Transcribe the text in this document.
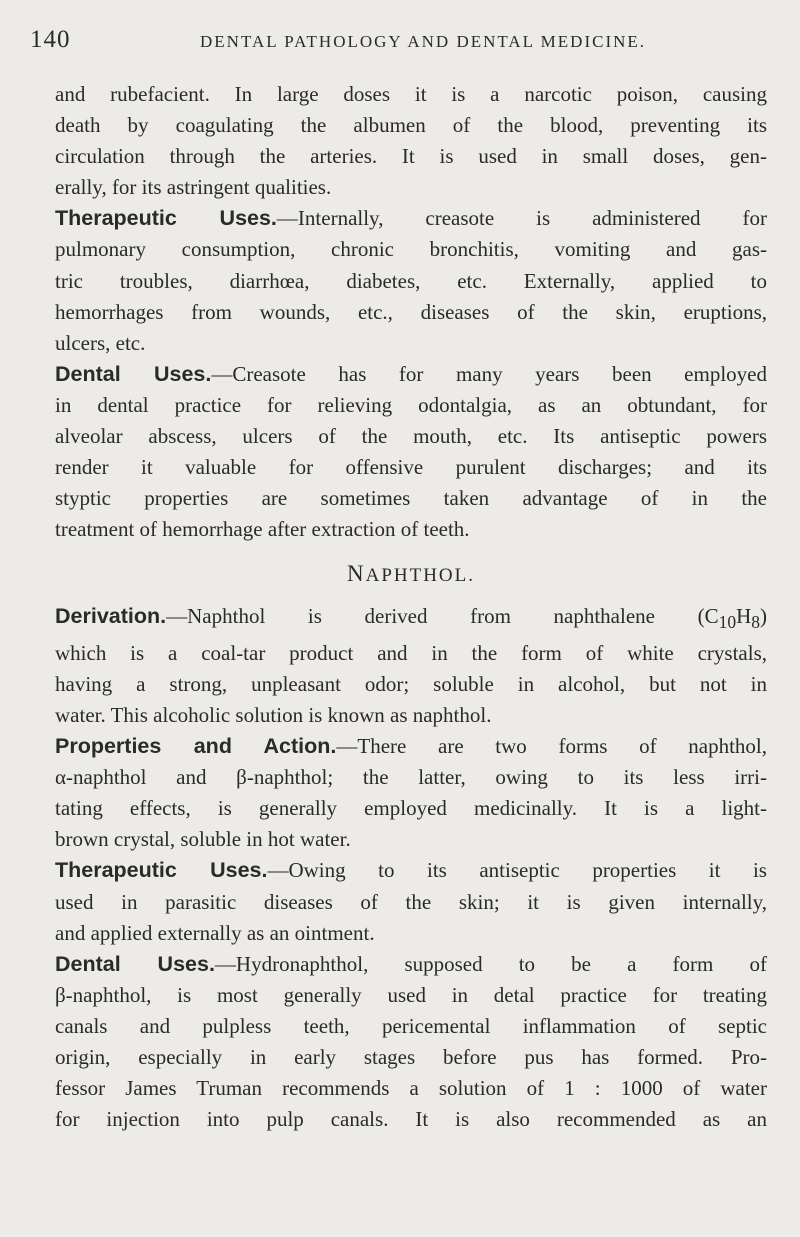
140	DENTAL PATHOLOGY AND DENTAL MEDICINE.
and rubefacient. In large doses it is a narcotic poison, causing
death by coagulating the albumen of the blood, preventing its
circulation through the arteries. It is used in small doses, gen-
erally, for its astringent qualities.
Therapeutic Uses.—Internally, creasote is administered for
pulmonary consumption, chronic bronchitis, vomiting and gas-
tric troubles, diarrhœa, diabetes, etc. Externally, applied to
hemorrhages from wounds, etc., diseases of the skin, eruptions,
ulcers, etc.
Dental Uses.—Creasote has for many years been employed
in dental practice for relieving odontalgia, as an obtundant, for
alveolar abscess, ulcers of the mouth, etc. Its antiseptic powers
render it valuable for offensive purulent discharges; and its
styptic properties are sometimes taken advantage of in the
treatment of hemorrhage after extraction of teeth.
NAPHTHOL.
Derivation.—Naphthol is derived from naphthalene $(C_{10}H_8)$
which is a coal-tar product and in the form of white crystals,
having a strong, unpleasant odor; soluble in alcohol, but not in
water. This alcoholic solution is known as naphthol.
Properties and Action.—There are two forms of naphthol,
α-naphthol and β-naphthol; the latter, owing to its less irri-
tating effects, is generally employed medicinally. It is a light-
brown crystal, soluble in hot water.
Therapeutic Uses.—Owing to its antiseptic properties it is
used in parasitic diseases of the skin; it is given internally,
and applied externally as an ointment.
Dental Uses.—Hydronaphthol, supposed to be a form of
β-naphthol, is most generally used in detal practice for treating
canals and pulpless teeth, pericemental inflammation of septic
origin, especially in early stages before pus has formed. Pro-
fessor James Truman recommends a solution of 1 : 1000 of water
for injection into pulp canals. It is also recommended as an
